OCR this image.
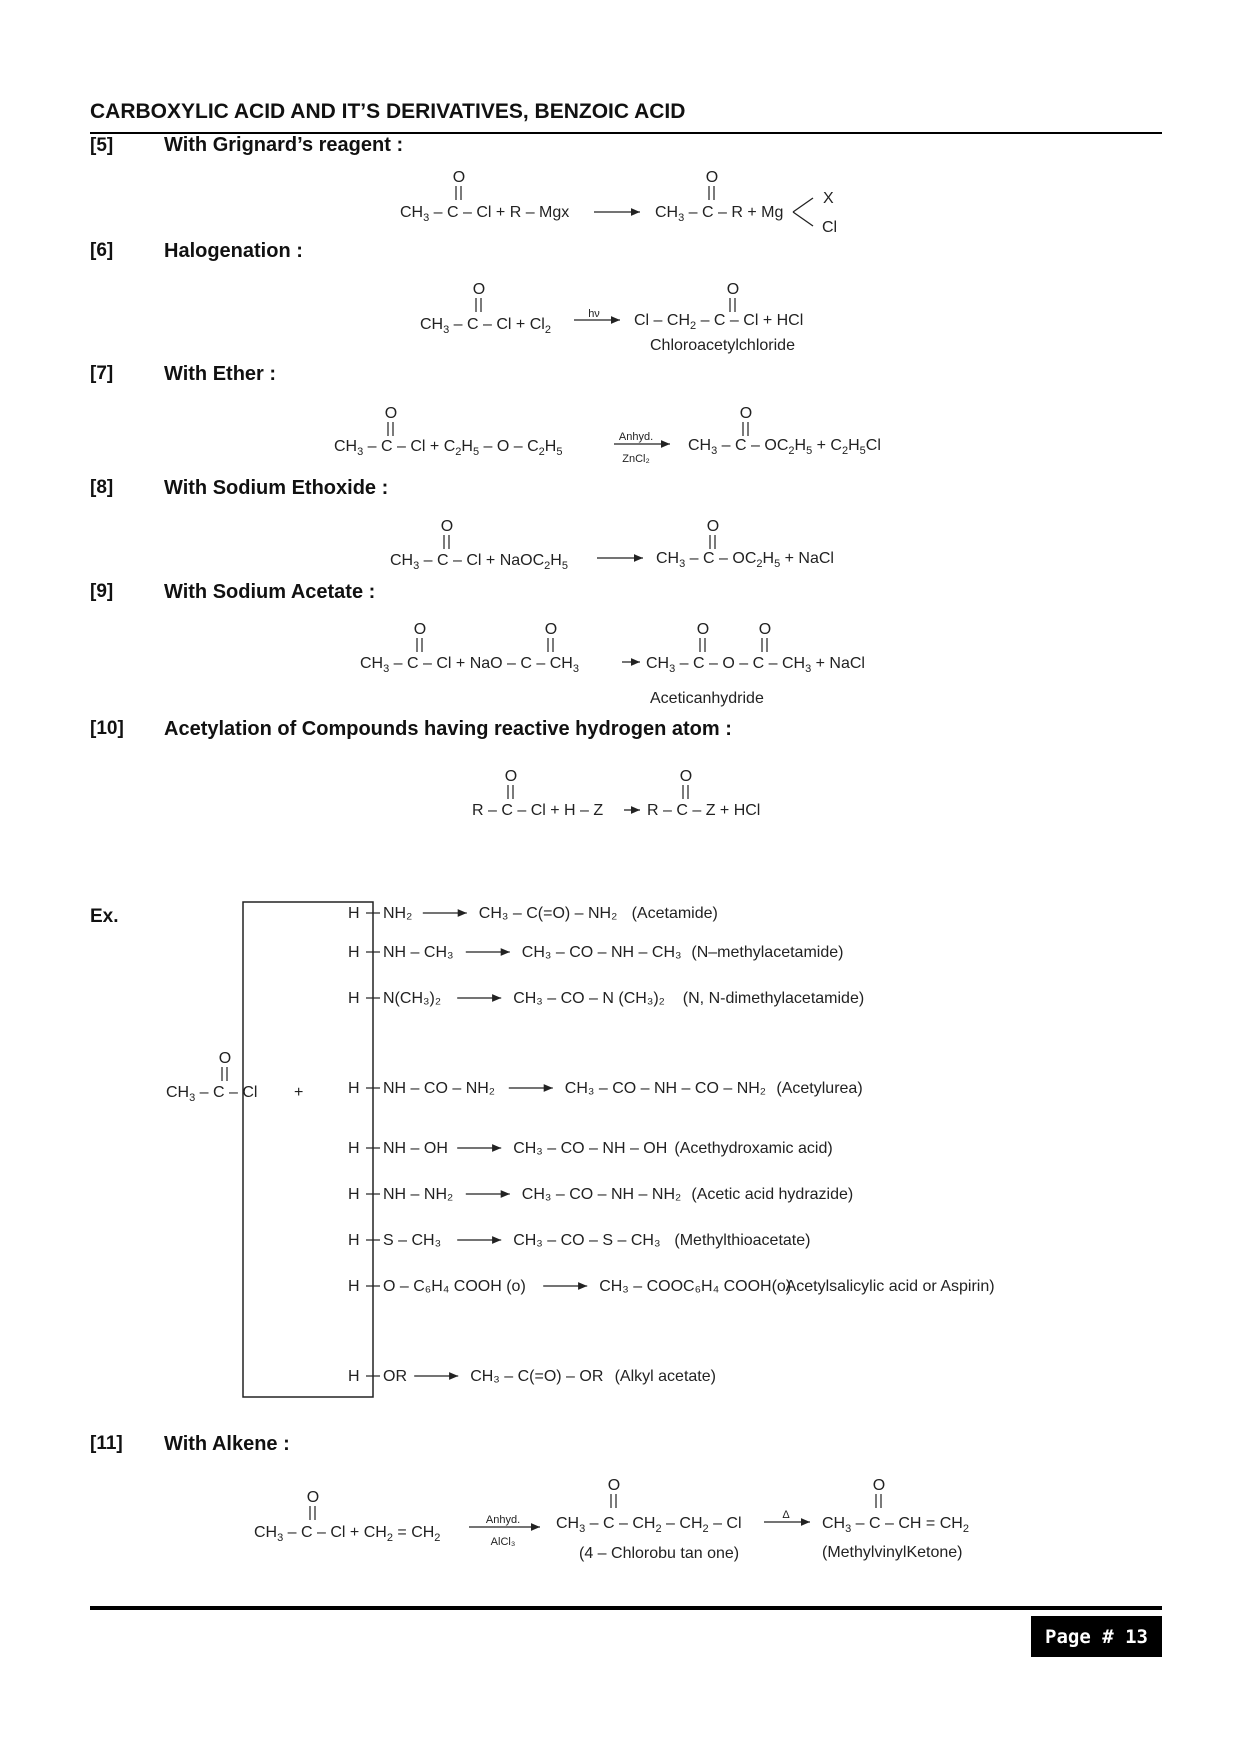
CARBOXYLIC ACID AND IT’S DERIVATIVES, BENZOIC ACID
[5]	With Grignard’s reagent :
[6]	Halogenation :
[7]	With Ether :
[8]	With Sodium Ethoxide :
[9]	With Sodium Acetate :
[10] Acetylation of Compounds having reactive hydrogen atom :
[11] With Alkene :
Ex.
O
$CH_3 - C - Cl + R$ – Mgx
O
$CH_3 - C - R + Mg$
X
Cl
O
$CH_3 - C - Cl + Cl_2$
hν
O
Cl – $CH_2$ – C – Cl + HCl
Chloroacetylchloride
O
$CH_3 - C - Cl + C_2H_5 - O - C_2H_5$
Anhyd.
ZnCl₂
O
$CH_3 - C - OC_2H_5 + C_2H_5Cl$
O
$CH_3$ – $C - Cl + NaOC_2H_5$
O
$CH_3$ – C – $OC_2H_5$ + NaCl
O
$CH_3$ – C – Cl + NaO – C – $CH_3$
O	O	O
$CH_3$ – C – O – C – $CH_3$ + NaCl
Aceticanhydride
O
R – C – Cl + H – Z
O
R – C – Z + HCl
O
$CH_3$ – C – Cl +
H NH₂	CH₃ – C(=O) – NH₂ (Acetamide)
H NH – CH₃	CH₃ – CO – NH – CH₃ (N–methylacetamide)
H N(CH₃)₂	CH₃ – CO – N (CH₃)₂ (N, N-dimethylacetamide)
H NH – CO – NH₂	CH₃ – CO – NH – CO – NH₂ (Acetylurea)
H NH – OH	CH₃ – CO – NH – OH (Acethydroxamic acid)
H NH – NH₂	CH₃ – CO – NH – NH₂ (Acetic acid hydrazide)
H S – CH₃	CH₃ – CO – S – CH₃ (Methylthioacetate)
H O – C₆H₄ COOH (o)	CH₃ – COOC₆H₄ COOH(o)
Acetylsalicylic acid or Aspirin)
H OR	CH₃ – C(=O) – OR (Alkyl acetate)
O
$CH_3 - C - Cl + CH_2 = CH_2$
Anhyd.
AlCl₃
O
$CH_3$ – C – $CH_2 - CH_2$ – Cl	Δ
(4 – Chlorobu tan one)
O
$CH_3$ – C – CH = $CH_2$
(MethylvinylKetone)
Page # 13
